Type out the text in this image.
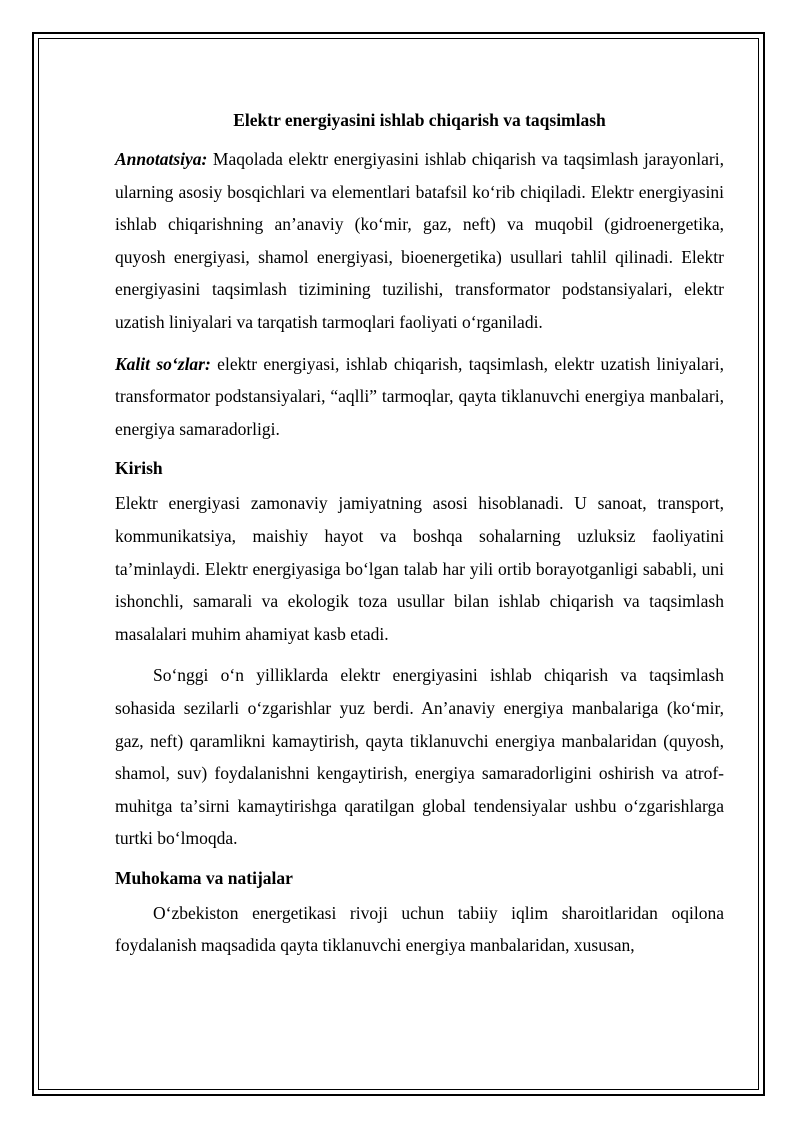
Elektr energiyasini ishlab chiqarish va taqsimlash

Annotatsiya: Maqolada elektr energiyasini ishlab chiqarish va taqsimlash jarayonlari, ularning asosiy bosqichlari va elementlari batafsil koʻrib chiqiladi. Elektr energiyasini ishlab chiqarishning anʼanaviy (koʻmir, gaz, neft) va muqobil (gidroenergetika, quyosh energiyasi, shamol energiyasi, bioenergetika) usullari tahlil qilinadi. Elektr energiyasini taqsimlash tizimining tuzilishi, transformator podstansiyalari, elektr uzatish liniyalari va tarqatish tarmoqlari faoliyati oʻrganiladi.

Kalit soʻzlar: elektr energiyasi, ishlab chiqarish, taqsimlash, elektr uzatish liniyalari, transformator podstansiyalari, “aqlli” tarmoqlar, qayta tiklanuvchi energiya manbalari, energiya samaradorligi.

Kirish

Elektr energiyasi zamonaviy jamiyatning asosi hisoblanadi. U sanoat, transport, kommunikatsiya, maishiy hayot va boshqa sohalarning uzluksiz faoliyatini taʼminlaydi. Elektr energiyasiga boʻlgan talab har yili ortib borayotganligi sababli, uni ishonchli, samarali va ekologik toza usullar bilan ishlab chiqarish va taqsimlash masalalari muhim ahamiyat kasb etadi.

Soʻnggi oʻn yilliklarda elektr energiyasini ishlab chiqarish va taqsimlash sohasida sezilarli oʻzgarishlar yuz berdi. Anʼanaviy energiya manbalariga (koʻmir, gaz, neft) qaramlikni kamaytirish, qayta tiklanuvchi energiya manbalaridan (quyosh, shamol, suv) foydalanishni kengaytirish, energiya samaradorligini oshirish va atrof-muhitga taʼsirni kamaytirishga qaratilgan global tendensiyalar ushbu oʻzgarishlarga turtki boʻlmoqda.

Muhokama va natijalar

Oʻzbekiston energetikasi rivoji uchun tabiiy iqlim sharoitlaridan oqilona foydalanish maqsadida qayta tiklanuvchi energiya manbalaridan, xususan,
